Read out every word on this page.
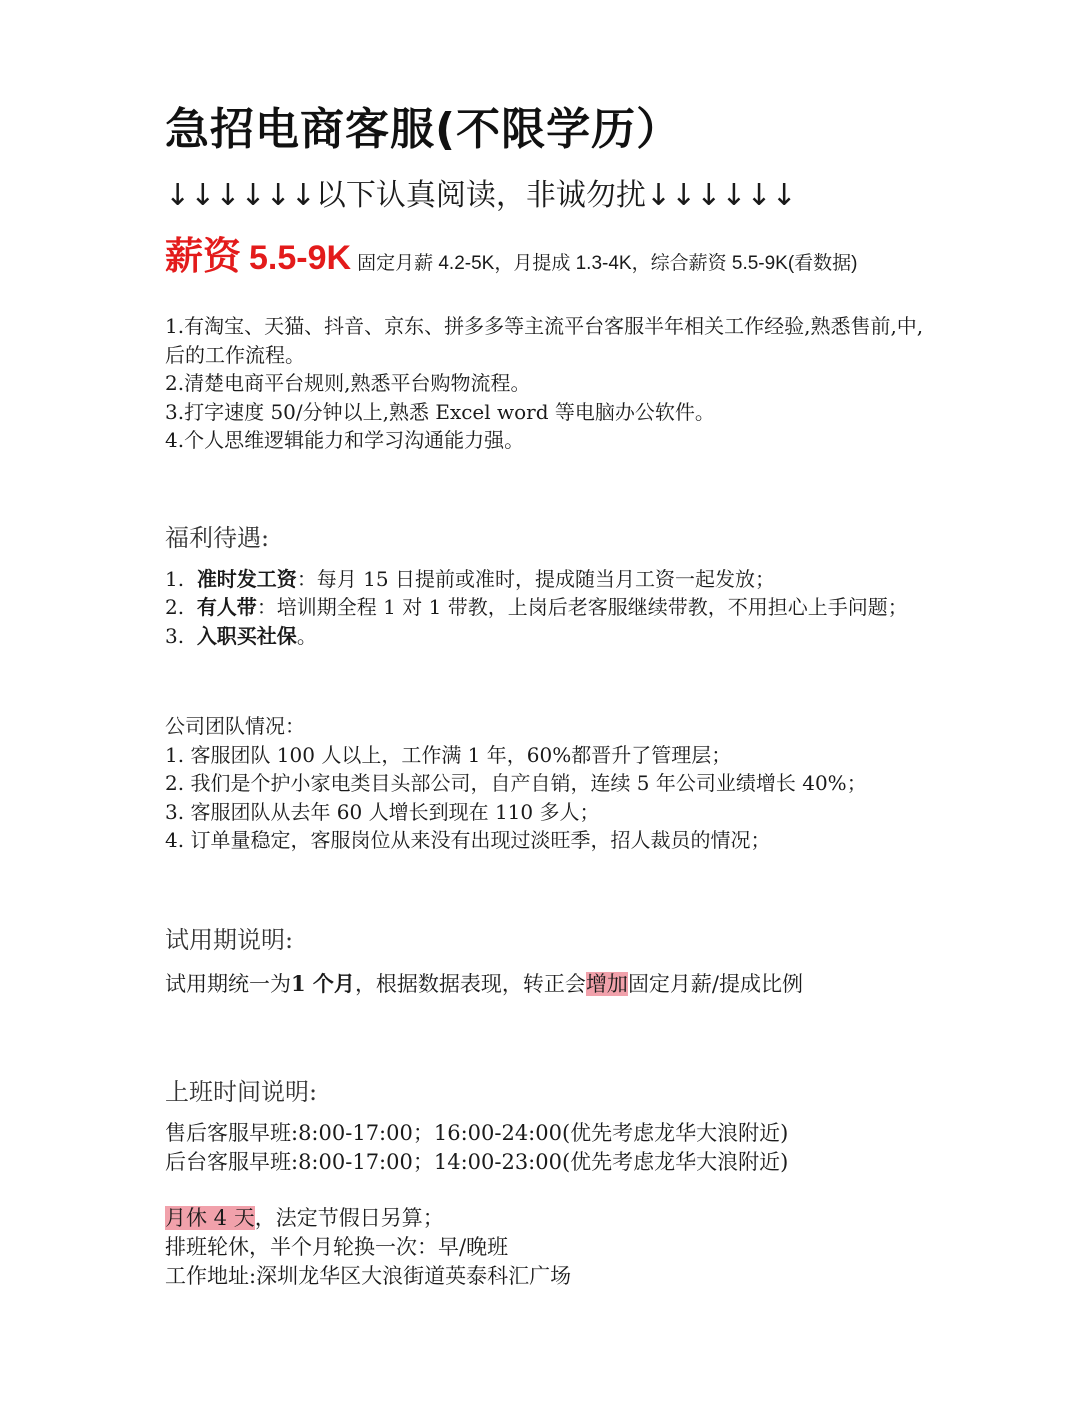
急招电商客服(不限学历）
↓↓↓↓↓↓以下认真阅读，非诚勿扰↓↓↓↓↓↓
薪资 5.5-9K 固定月薪 4.2-5K，月提成 1.3-4K，综合薪资 5.5-9K(看数据)
1.有淘宝、天猫、抖音、京东、拼多多等主流平台客服半年相关工作经验,熟悉售前,中,后的工作流程。
2.清楚电商平台规则,熟悉平台购物流程。
3.打字速度 50/分钟以上,熟悉 Excel word 等电脑办公软件。
4.个人思维逻辑能力和学习沟通能力强。
福利待遇:
1. 准时发工资：每月 15 日提前或准时，提成随当月工资一起发放；
2. 有人带：培训期全程 1 对 1 带教，上岗后老客服继续带教，不用担心上手问题；
3. 入职买社保。
公司团队情况：
1. 客服团队 100 人以上，工作满 1 年，60%都晋升了管理层；
2. 我们是个护小家电类目头部公司，自产自销，连续 5 年公司业绩增长 40%；
3. 客服团队从去年 60 人增长到现在 110 多人；
4. 订单量稳定，客服岗位从来没有出现过淡旺季，招人裁员的情况；
试用期说明:
试用期统一为1 个月，根据数据表现，转正会增加固定月薪/提成比例
上班时间说明:
售后客服早班:8:00-17:00；16:00-24:00(优先考虑龙华大浪附近)
后台客服早班:8:00-17:00；14:00-23:00(优先考虑龙华大浪附近)
月休 4 天，法定节假日另算；
排班轮休，半个月轮换一次：早/晚班
工作地址:深圳龙华区大浪街道英泰科汇广场
